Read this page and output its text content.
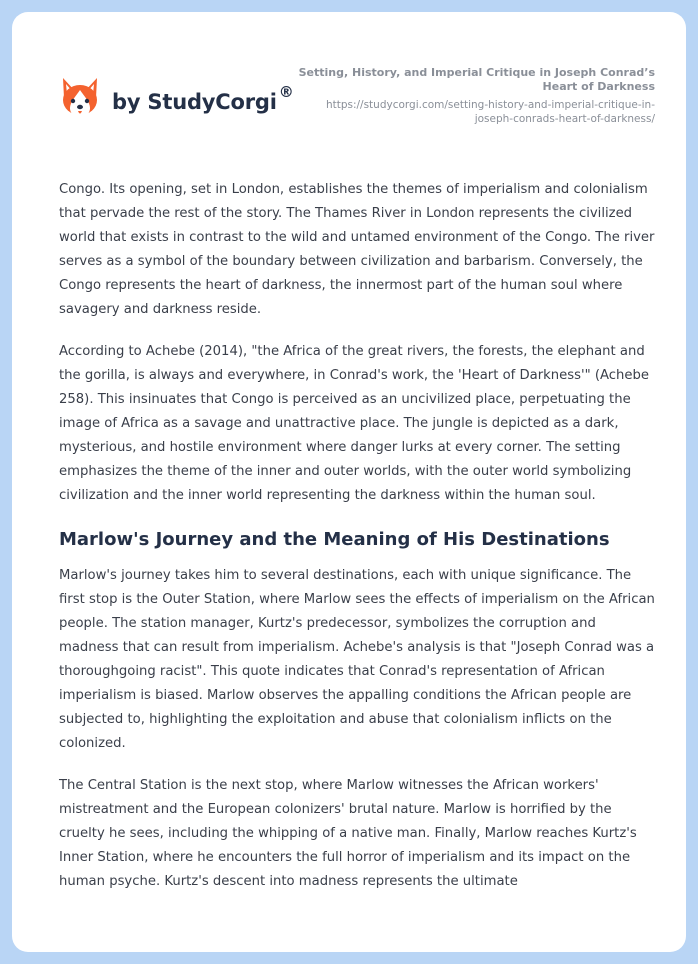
by StudyCorgi ®
Setting, History, and Imperial Critique in Joseph Conrad’s Heart of Darkness
https://studycorgi.com/setting-history-and-imperial-critique-in-joseph-conrads-heart-of-darkness/

Congo. Its opening, set in London, establishes the themes of imperialism and colonialism that pervade the rest of the story. The Thames River in London represents the civilized world that exists in contrast to the wild and untamed environment of the Congo. The river serves as a symbol of the boundary between civilization and barbarism. Conversely, the Congo represents the heart of darkness, the innermost part of the human soul where savagery and darkness reside.

According to Achebe (2014), "the Africa of the great rivers, the forests, the elephant and the gorilla, is always and everywhere, in Conrad's work, the 'Heart of Darkness'" (Achebe 258). This insinuates that Congo is perceived as an uncivilized place, perpetuating the image of Africa as a savage and unattractive place. The jungle is depicted as a dark, mysterious, and hostile environment where danger lurks at every corner. The setting emphasizes the theme of the inner and outer worlds, with the outer world symbolizing civilization and the inner world representing the darkness within the human soul.

Marlow's Journey and the Meaning of His Destinations

Marlow's journey takes him to several destinations, each with unique significance. The first stop is the Outer Station, where Marlow sees the effects of imperialism on the African people. The station manager, Kurtz's predecessor, symbolizes the corruption and madness that can result from imperialism. Achebe's analysis is that "Joseph Conrad was a thoroughgoing racist". This quote indicates that Conrad's representation of African imperialism is biased. Marlow observes the appalling conditions the African people are subjected to, highlighting the exploitation and abuse that colonialism inflicts on the colonized.

The Central Station is the next stop, where Marlow witnesses the African workers' mistreatment and the European colonizers' brutal nature. Marlow is horrified by the cruelty he sees, including the whipping of a native man. Finally, Marlow reaches Kurtz's Inner Station, where he encounters the full horror of imperialism and its impact on the human psyche. Kurtz's descent into madness represents the ultimate
